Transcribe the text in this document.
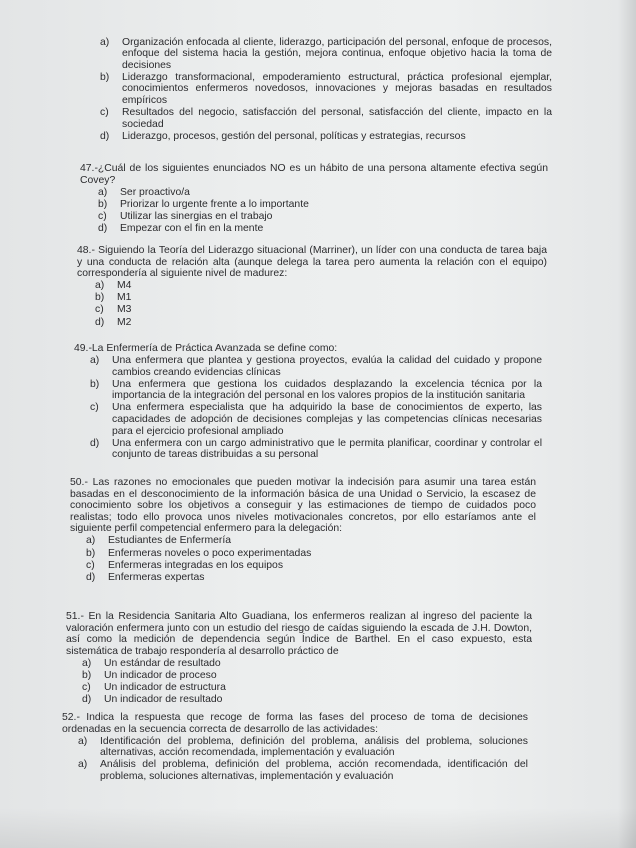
a)	Organización enfocada al cliente, liderazgo, participación del personal, enfoque de procesos, enfoque del sistema hacia la gestión, mejora continua, enfoque objetivo hacia la toma de decisiones
b)	Liderazgo transformacional, empoderamiento estructural, práctica profesional ejemplar, conocimientos enfermeros novedosos, innovaciones y mejoras basadas en resultados empíricos
c)	Resultados del negocio, satisfacción del personal, satisfacción del cliente, impacto en la sociedad
d)	Liderazgo, procesos, gestión del personal, políticas y estrategias, recursos
47.-¿Cuál de los siguientes enunciados NO es un hábito de una persona altamente efectiva según Covey?
a)	Ser proactivo/a
b)	Priorizar lo urgente frente a lo importante
c)	Utilizar las sinergias en el trabajo
d)	Empezar con el fin en la mente
48.- Siguiendo la Teoría del Liderazgo situacional (Marriner), un líder con una conducta de tarea baja y una conducta de relación alta (aunque delega la tarea pero aumenta la relación con el equipo) correspondería al siguiente nivel de madurez:
a)	M4
b)	M1
c)	M3
d)	M2
49.-La Enfermería de Práctica Avanzada se define como:
a)	Una enfermera que plantea y gestiona proyectos, evalúa la calidad del cuidado y propone cambios creando evidencias clínicas
b)	Una enfermera que gestiona los cuidados desplazando la excelencia técnica por la importancia de la integración del personal en los valores propios de la institución sanitaria
c)	Una enfermera especialista que ha adquirido la base de conocimientos de experto, las capacidades de adopción de decisiones complejas y las competencias clínicas necesarias para el ejercicio profesional ampliado
d)	Una enfermera con un cargo administrativo que le permita planificar, coordinar y controlar el conjunto de tareas distribuidas a su personal
50.- Las razones no emocionales que pueden motivar la indecisión para asumir una tarea están basadas en el desconocimiento de la información básica de una Unidad o Servicio, la escasez de conocimiento sobre los objetivos a conseguir y las estimaciones de tiempo de cuidados poco realistas; todo ello provoca unos niveles motivacionales concretos, por ello estaríamos ante el siguiente perfil competencial enfermero para la delegación:
a)	Estudiantes de Enfermería
b)	Enfermeras noveles o poco experimentadas
c)	Enfermeras integradas en los equipos
d)	Enfermeras expertas
51.- En la Residencia Sanitaria Alto Guadiana, los enfermeros realizan al ingreso del paciente la valoración enfermera junto con un estudio del riesgo de caídas siguiendo la escada de J.H. Dowton, así como la medición de dependencia según Índice de Barthel. En el caso expuesto, esta sistemática de trabajo respondería al desarrollo práctico de
a)	Un estándar de resultado
b)	Un indicador de proceso
c)	Un indicador de estructura
d)	Un indicador de resultado
52.- Indica la respuesta que recoge de forma las fases del proceso de toma de decisiones ordenadas en la secuencia correcta de desarrollo de las actividades:
a)	Identificación del problema, definición del problema, análisis del problema, soluciones alternativas, acción recomendada, implementación y evaluación
a)	Análisis del problema, definición del problema, acción recomendada, identificación del problema, soluciones alternativas, implementación y evaluación
